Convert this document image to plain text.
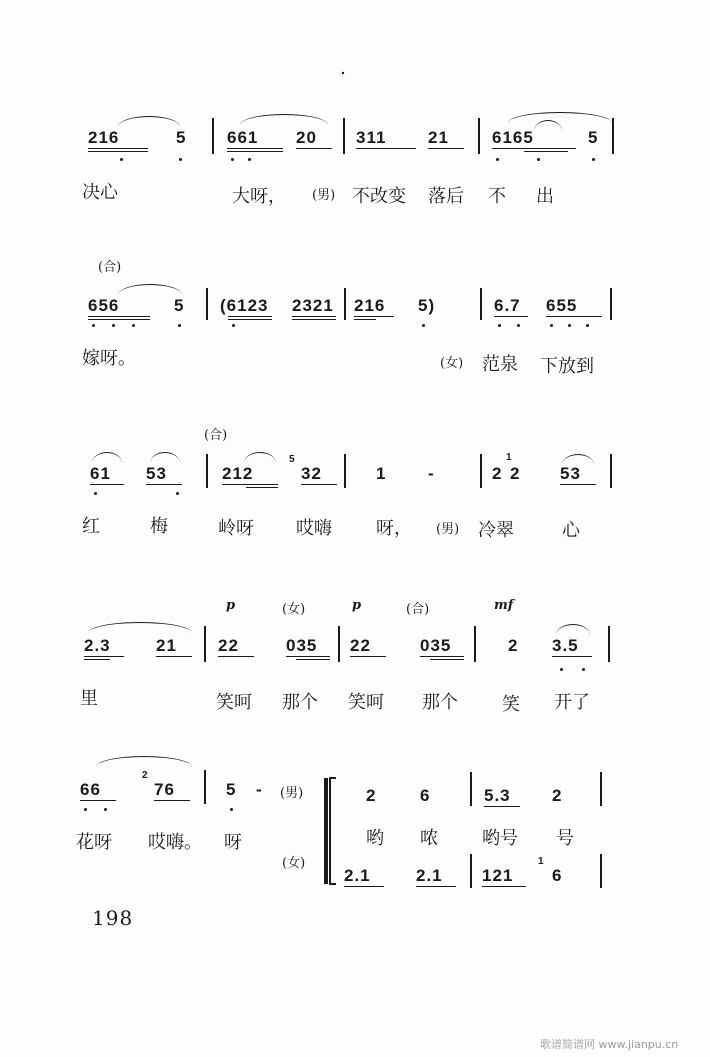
216	5 661 20 311 21	6165	5
决心	大呀， (男) 不改变 落后 不 出
(合)
656	5 (6123 2321 216 5)	6.7 655
嫁呀。	(女) 范泉 下放到
(合)
61 53	212
5
32	1 -	2
1
2 53
红	梅	岭呀 哎嗨 呀， (男) 冷翠	心
p	(女)	p	(合)	mf
2.3	21 22	035 22	035	2 3.5
里	笑呵 那个 笑呵 那个 笑 开了
66
2
76	5 - (男)
(女)
2	6	5.3 2
2.1	2.1 121
1
6
花呀 哎嗨。 呀	哟 哝 哟号 号
198
歌谱简谱网 www.jianpu.cn
